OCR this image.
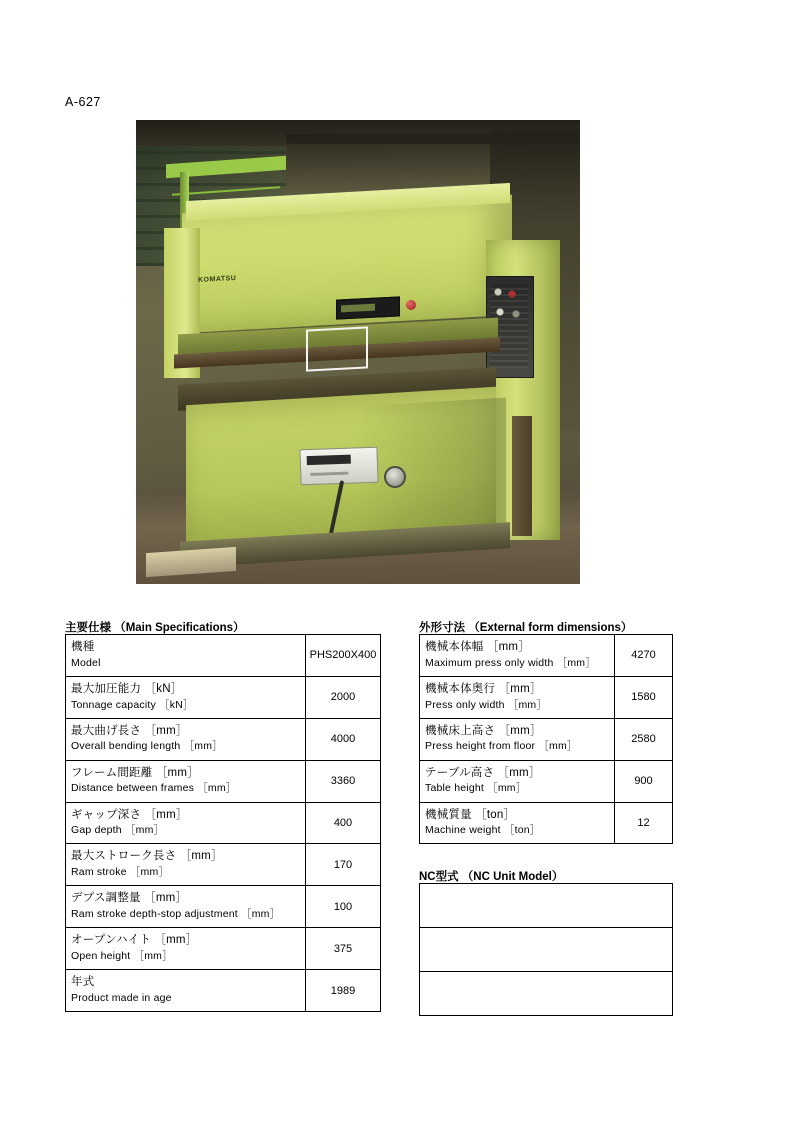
A-627
KOMATSU
主要仕様 （Main Specifications）
機種
Model	PHS200X400

最大加圧能力 ［kN］
Tonnage capacity ［kN］	2000

最大曲げ長さ ［mm］
Overall bending length ［mm］	4000

フレーム間距離 ［mm］
Distance between frames ［mm］	3360

ギャップ深さ ［mm］
Gap depth ［mm］	400

最大ストローク長さ ［mm］
Ram stroke ［mm］	170

デプス調整量 ［mm］
Ram stroke depth-stop adjustment ［mm］	100

オープンハイト ［mm］
Open height ［mm］	375

年式
Product made in age	1989
外形寸法 （External form dimensions）
機械本体幅 ［mm］
Maximum press only width ［mm］	4270

機械本体奥行 ［mm］
Press only width ［mm］	1580

機械床上高さ ［mm］
Press height from floor ［mm］	2580

テーブル高さ ［mm］
Table height ［mm］	900

機械質量 ［ton］
Machine weight ［ton］	12
NC型式 （NC Unit Model）
